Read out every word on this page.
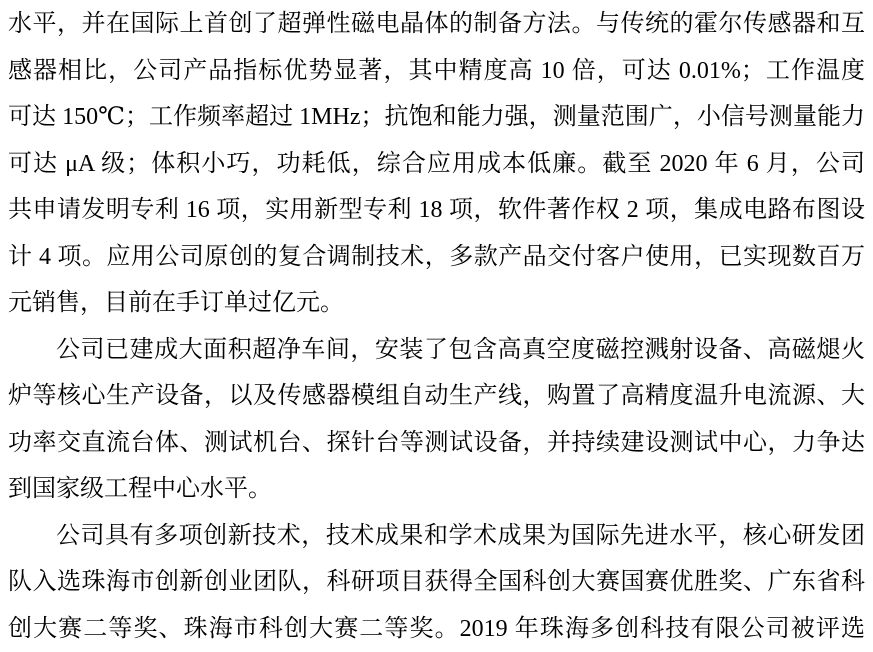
水平，并在国际上首创了超弹性磁电晶体的制备方法。与传统的霍尔传感器和互

感器相比，公司产品指标优势显著，其中精度高 10 倍，可达 0.01%；工作温度

可达 150℃；工作频率超过 1MHz；抗饱和能力强，测量范围广，小信号测量能力

可达 μA 级；体积小巧，功耗低，综合应用成本低廉。截至 2020 年 6 月，公司

共申请发明专利 16 项，实用新型专利 18 项，软件著作权 2 项，集成电路布图设

计 4 项。应用公司原创的复合调制技术，多款产品交付客户使用，已实现数百万

元销售，目前在手订单过亿元。

公司已建成大面积超净车间，安装了包含高真空度磁控溅射设备、高磁煺火

炉等核心生产设备，以及传感器模组自动生产线，购置了高精度温升电流源、大

功率交直流台体、测试机台、探针台等测试设备，并持续建设测试中心，力争达

到国家级工程中心水平。

公司具有多项创新技术，技术成果和学术成果为国际先进水平，核心研发团

队入选珠海市创新创业团队，科研项目获得全国科创大赛国赛优胜奖、广东省科

创大赛二等奖、珠海市科创大赛二等奖。2019 年珠海多创科技有限公司被评选
